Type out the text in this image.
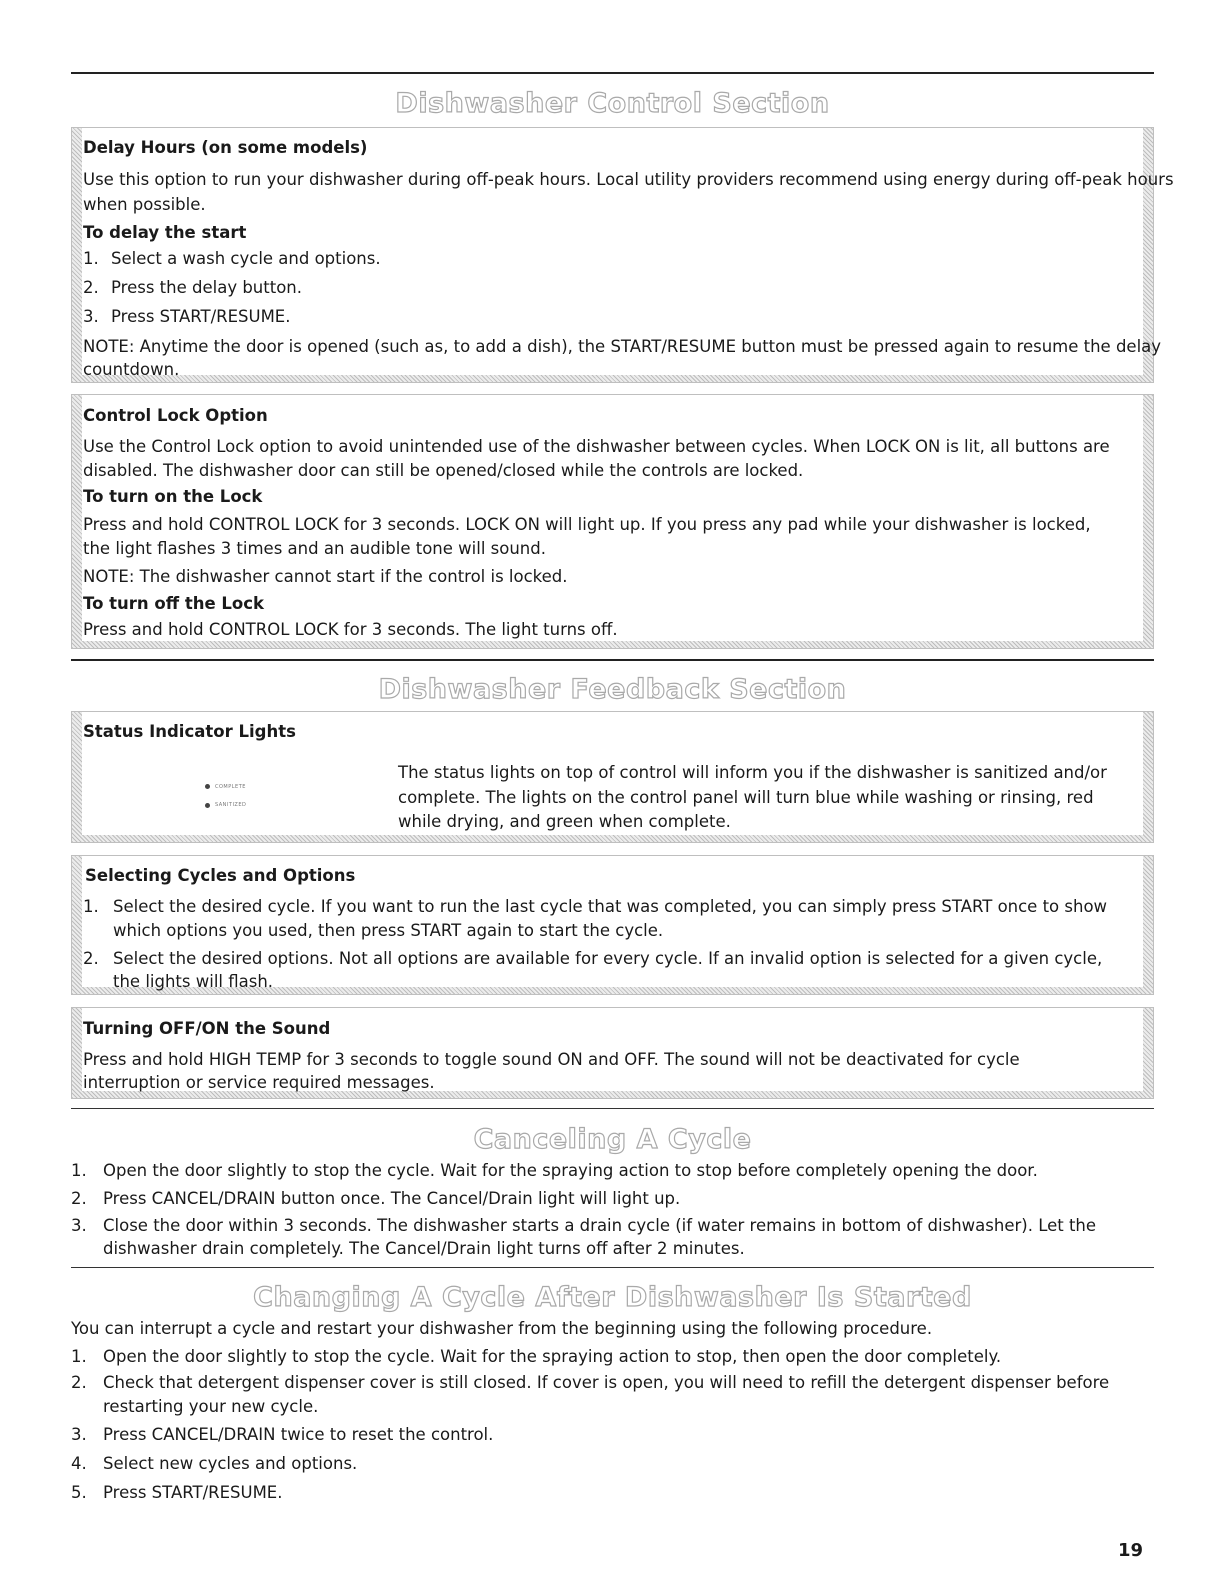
Dishwasher Control Section
Delay Hours (on some models)
Use this option to run your dishwasher during off-peak hours. Local utility providers recommend using energy during off-peak hours
when possible.
To delay the start
1. Select a wash cycle and options.
2. Press the delay button.
3. Press START/RESUME.
NOTE: Anytime the door is opened (such as, to add a dish), the START/RESUME button must be pressed again to resume the delay
countdown.
Control Lock Option
Use the Control Lock option to avoid unintended use of the dishwasher between cycles. When LOCK ON is lit, all buttons are
disabled. The dishwasher door can still be opened/closed while the controls are locked.
To turn on the Lock
Press and hold CONTROL LOCK for 3 seconds. LOCK ON will light up. If you press any pad while your dishwasher is locked,
the light flashes 3 times and an audible tone will sound.
NOTE: The dishwasher cannot start if the control is locked.
To turn off the Lock
Press and hold CONTROL LOCK for 3 seconds. The light turns off.
Dishwasher Feedback Section
Status Indicator Lights
COMPLETE
SANITIZED
The status lights on top of control will inform you if the dishwasher is sanitized and/or
complete. The lights on the control panel will turn blue while washing or rinsing, red
while drying, and green when complete.
Selecting Cycles and Options
1. Select the desired cycle. If you want to run the last cycle that was completed, you can simply press START once to show
which options you used, then press START again to start the cycle.
2. Select the desired options. Not all options are available for every cycle. If an invalid option is selected for a given cycle,
the lights will flash.
Turning OFF/ON the Sound
Press and hold HIGH TEMP for 3 seconds to toggle sound ON and OFF. The sound will not be deactivated for cycle
interruption or service required messages.
Canceling A Cycle
1. Open the door slightly to stop the cycle. Wait for the spraying action to stop before completely opening the door.
2. Press CANCEL/DRAIN button once. The Cancel/Drain light will light up.
3. Close the door within 3 seconds. The dishwasher starts a drain cycle (if water remains in bottom of dishwasher). Let the
dishwasher drain completely. The Cancel/Drain light turns off after 2 minutes.
Changing A Cycle After Dishwasher Is Started
You can interrupt a cycle and restart your dishwasher from the beginning using the following procedure.
1. Open the door slightly to stop the cycle. Wait for the spraying action to stop, then open the door completely.
2. Check that detergent dispenser cover is still closed. If cover is open, you will need to refill the detergent dispenser before
restarting your new cycle.
3. Press CANCEL/DRAIN twice to reset the control.
4. Select new cycles and options.
5. Press START/RESUME.
19
